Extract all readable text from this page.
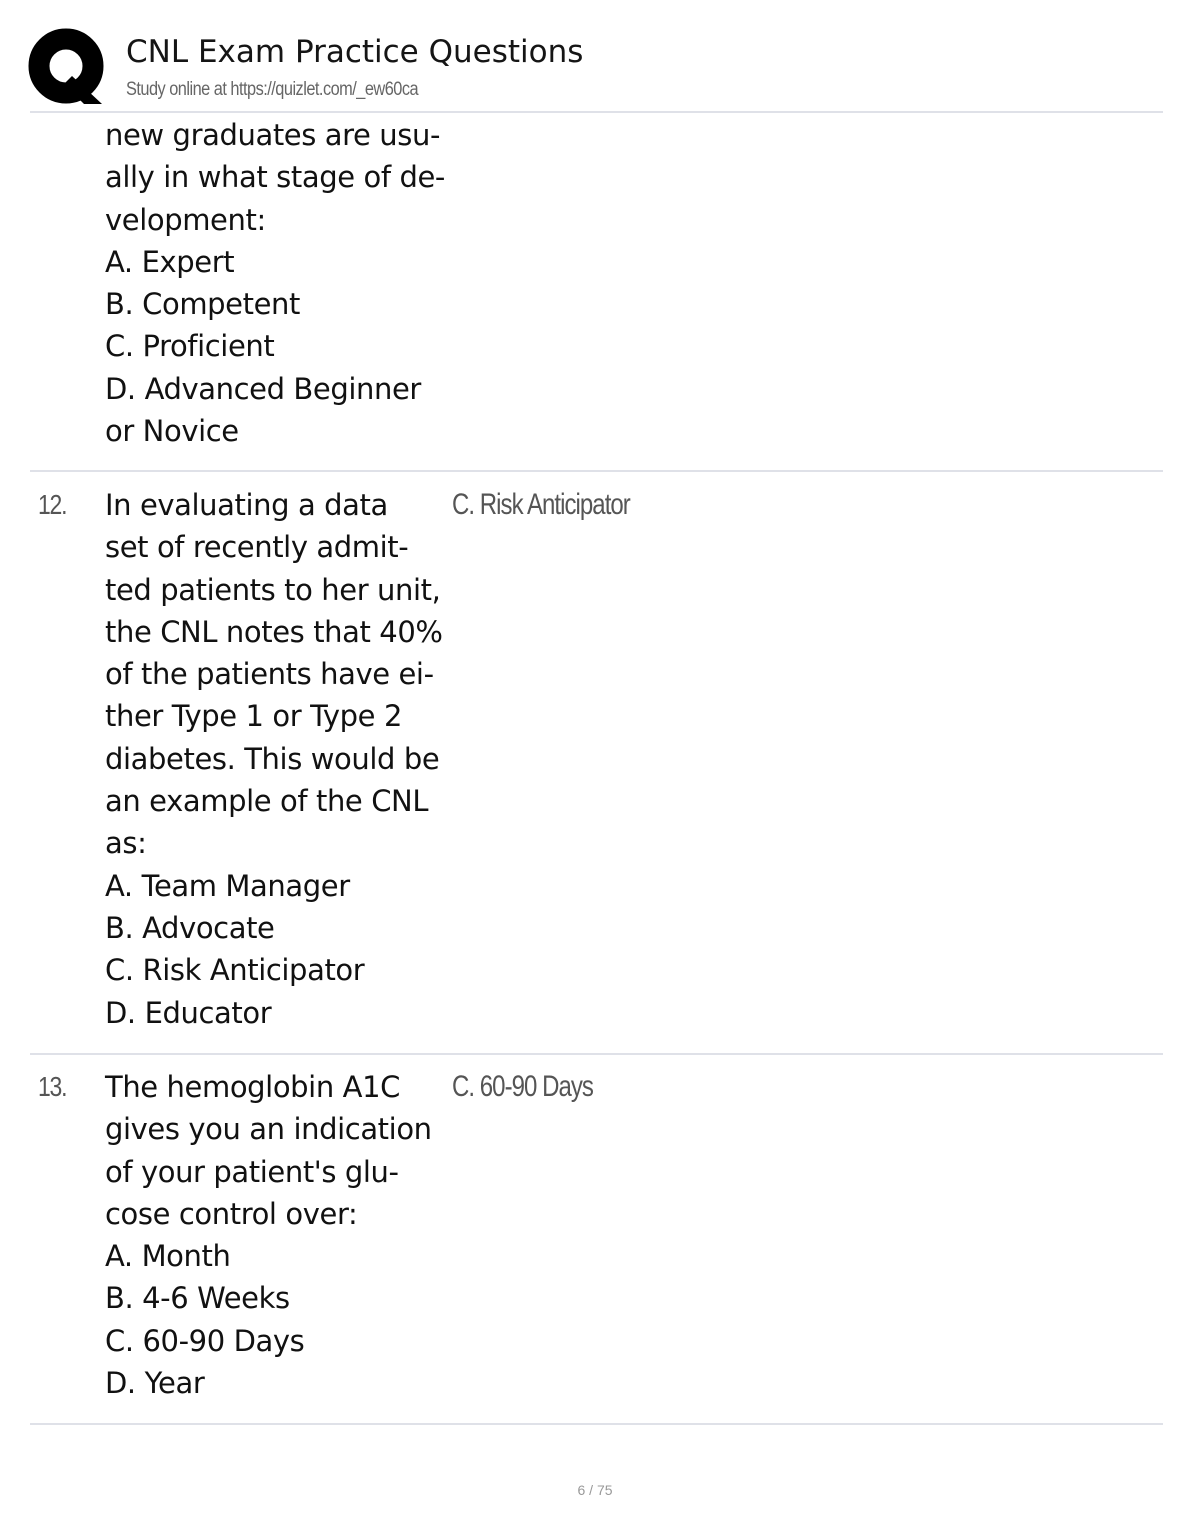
CNL Exam Practice Questions
Study online at https://quizlet.com/_ew60ca
new graduates are usu-
ally in what stage of de-
velopment:
A. Expert
B. Competent
C. Proficient
D. Advanced Beginner
or Novice
12. In evaluating a data
set of recently admit-
ted patients to her unit,
the CNL notes that 40%
of the patients have ei-
ther Type 1 or Type 2
diabetes. This would be
an example of the CNL
as:
A. Team Manager
B. Advocate
C. Risk Anticipator
D. Educator
C. Risk Anticipator
13. The hemoglobin A1C
gives you an indication
of your patient's glu-
cose control over:
A. Month
B. 4-6 Weeks
C. 60-90 Days
D. Year
C. 60-90 Days
6 / 75
